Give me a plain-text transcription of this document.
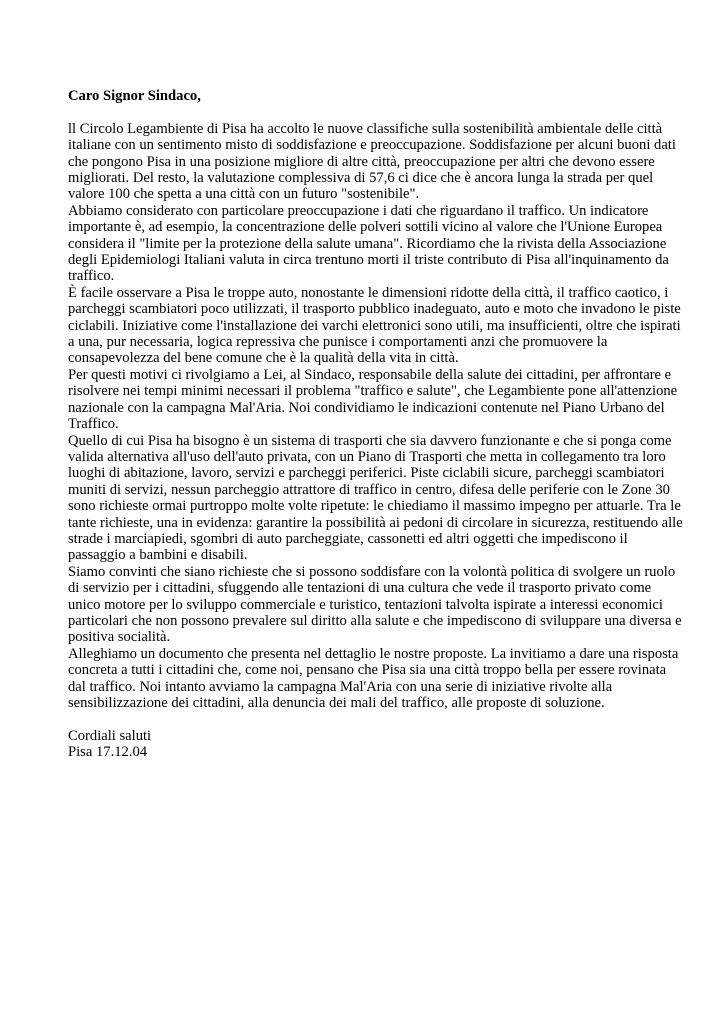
Caro Signor Sindaco,

ll Circolo Legambiente di Pisa ha accolto le nuove classifiche sulla sostenibilità ambientale delle città italiane con un sentimento misto di soddisfazione e preoccupazione. Soddisfazione per alcuni buoni dati che pongono Pisa in una posizione migliore di altre città, preoccupazione per altri che devono essere migliorati. Del resto, la valutazione complessiva di 57,6 ci dice che è ancora lunga la strada per quel valore 100 che spetta a una città con un futuro "sostenibile".

Abbiamo considerato con particolare preoccupazione i dati che riguardano il traffico. Un indicatore importante è, ad esempio, la concentrazione delle polveri sottili vicino al valore che l'Unione Europea considera il "limite per la protezione della salute umana". Ricordiamo che la rivista della Associazione degli Epidemiologi Italiani valuta in circa trentuno morti il triste contributo di Pisa all'inquinamento da traffico.

È facile osservare a Pisa le troppe auto, nonostante le dimensioni ridotte della città, il traffico caotico, i parcheggi scambiatori poco utilizzati, il trasporto pubblico inadeguato, auto e moto che invadono le piste ciclabili. Iniziative come l'installazione dei varchi elettronici sono utili, ma insufficienti, oltre che ispirati a una, pur necessaria, logica repressiva che punisce i comportamenti anzi che promuovere la consapevolezza del bene comune che è la qualità della vita in città.

Per questi motivi ci rivolgiamo a Lei, al Sindaco, responsabile della salute dei cittadini, per affrontare e risolvere nei tempi minimi necessari il problema "traffico e salute", che Legambiente pone all'attenzione nazionale con la campagna Mal'Aria. Noi condividiamo le indicazioni contenute nel Piano Urbano del Traffico.

Quello di cui Pisa ha bisogno è un sistema di trasporti che sia davvero funzionante e che si ponga come valida alternativa all'uso dell'auto privata, con un Piano di Trasporti che metta in collegamento tra loro luoghi di abitazione, lavoro, servizi e parcheggi periferici. Piste ciclabili sicure, parcheggi scambiatori muniti di servizi, nessun parcheggio attrattore di traffico in centro, difesa delle periferie con le Zone 30 sono richieste ormai purtroppo molte volte ripetute: le chiediamo il massimo impegno per attuarle. Tra le tante richieste, una in evidenza: garantire la possibilità ai pedoni di circolare in sicurezza, restituendo alle strade i marciapiedi, sgombri di auto parcheggiate, cassonetti ed altri oggetti che impediscono il passaggio a bambini e disabili.

Siamo convinti che siano richieste che si possono soddisfare con la volontà politica di svolgere un ruolo di servizio per i cittadini, sfuggendo alle tentazioni di una cultura che vede il trasporto privato come unico motore per lo sviluppo commerciale e turistico, tentazioni talvolta ispirate a interessi economici particolari che non possono prevalere sul diritto alla salute e che impediscono di sviluppare una diversa e positiva socialità.

Alleghiamo un documento che presenta nel dettaglio le nostre proposte. La invitiamo a dare una risposta concreta a tutti i cittadini che, come noi, pensano che Pisa sia una città troppo bella per essere rovinata dal traffico. Noi intanto avviamo la campagna Mal'Aria con una serie di iniziative rivolte alla sensibilizzazione dei cittadini, alla denuncia dei mali del traffico, alle proposte di soluzione.

Cordiali saluti
Pisa 17.12.04
